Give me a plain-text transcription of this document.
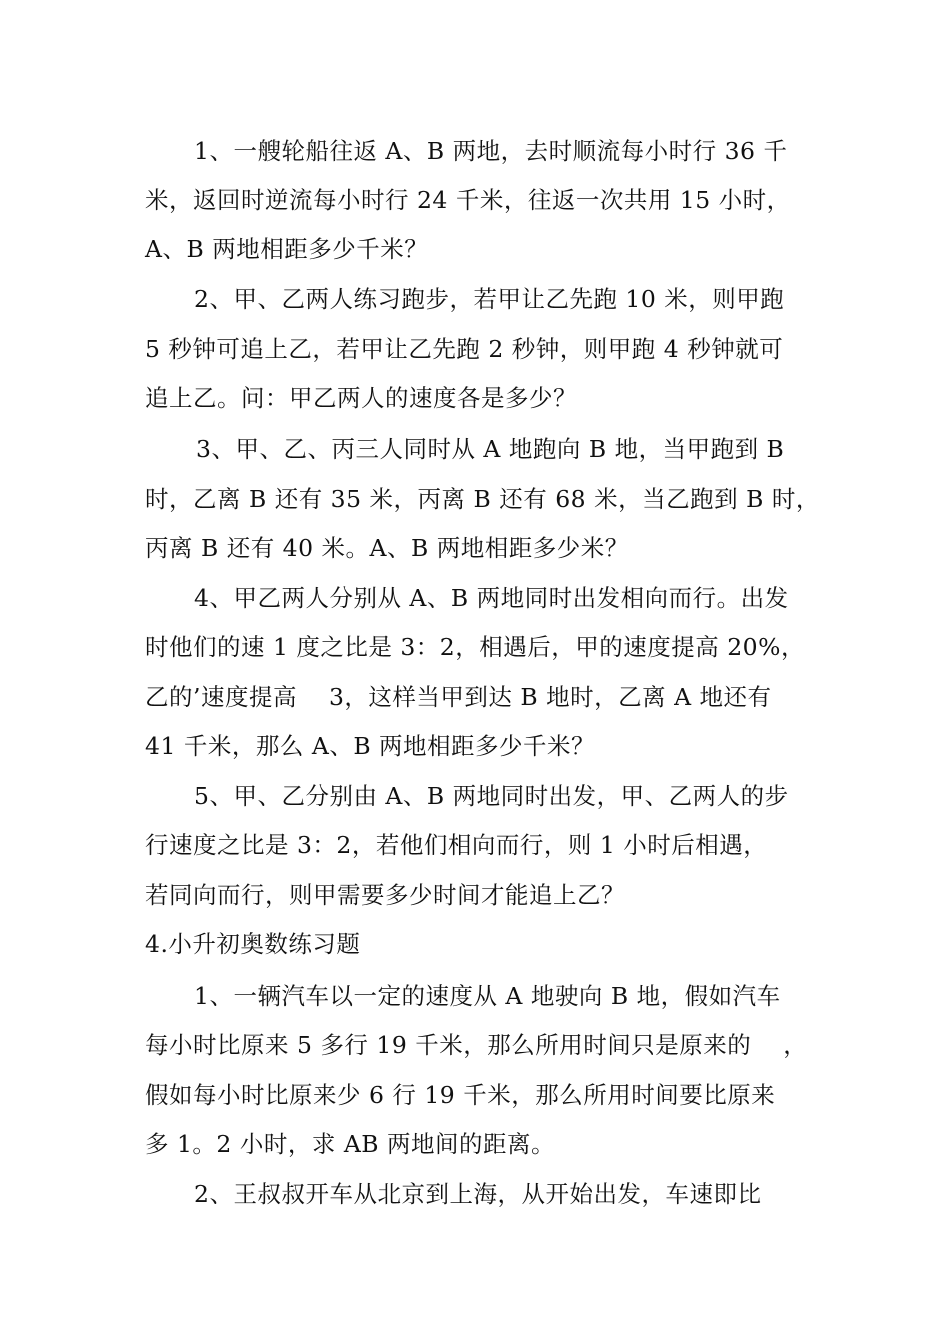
1、一艘轮船往返 A、B 两地，去时顺流每小时行 36 千
米，返回时逆流每小时行 24 千米，往返一次共用 15 小时，
A、B 两地相距多少千米？
2、甲、乙两人练习跑步，若甲让乙先跑 10 米，则甲跑
5 秒钟可追上乙，若甲让乙先跑 2 秒钟，则甲跑 4 秒钟就可
追上乙。问：甲乙两人的速度各是多少？
3、甲、乙、丙三人同时从 A 地跑向 B 地，当甲跑到 B
时，乙离 B 还有 35 米，丙离 B 还有 68 米，当乙跑到 B 时，
丙离 B 还有 40 米。A、B 两地相距多少米？
4、甲乙两人分别从 A、B 两地同时出发相向而行。出发
时他们的速 1 度之比是 3：2，相遇后，甲的速度提高 20%，
乙的’速度提高　 3，这样当甲到达 B 地时，乙离 A 地还有
41 千米，那么 A、B 两地相距多少千米？
5、甲、乙分别由 A、B 两地同时出发，甲、乙两人的步
行速度之比是 3：2，若他们相向而行，则 1 小时后相遇，
若同向而行，则甲需要多少时间才能追上乙？
4.小升初奥数练习题
1、一辆汽车以一定的速度从 A 地驶向 B 地，假如汽车
每小时比原来 5 多行 19 千米，那么所用时间只是原来的　 ，
假如每小时比原来少 6 行 19 千米，那么所用时间要比原来
多 1。2 小时，求 AB 两地间的距离。
2、王叔叔开车从北京到上海，从开始出发，车速即比
